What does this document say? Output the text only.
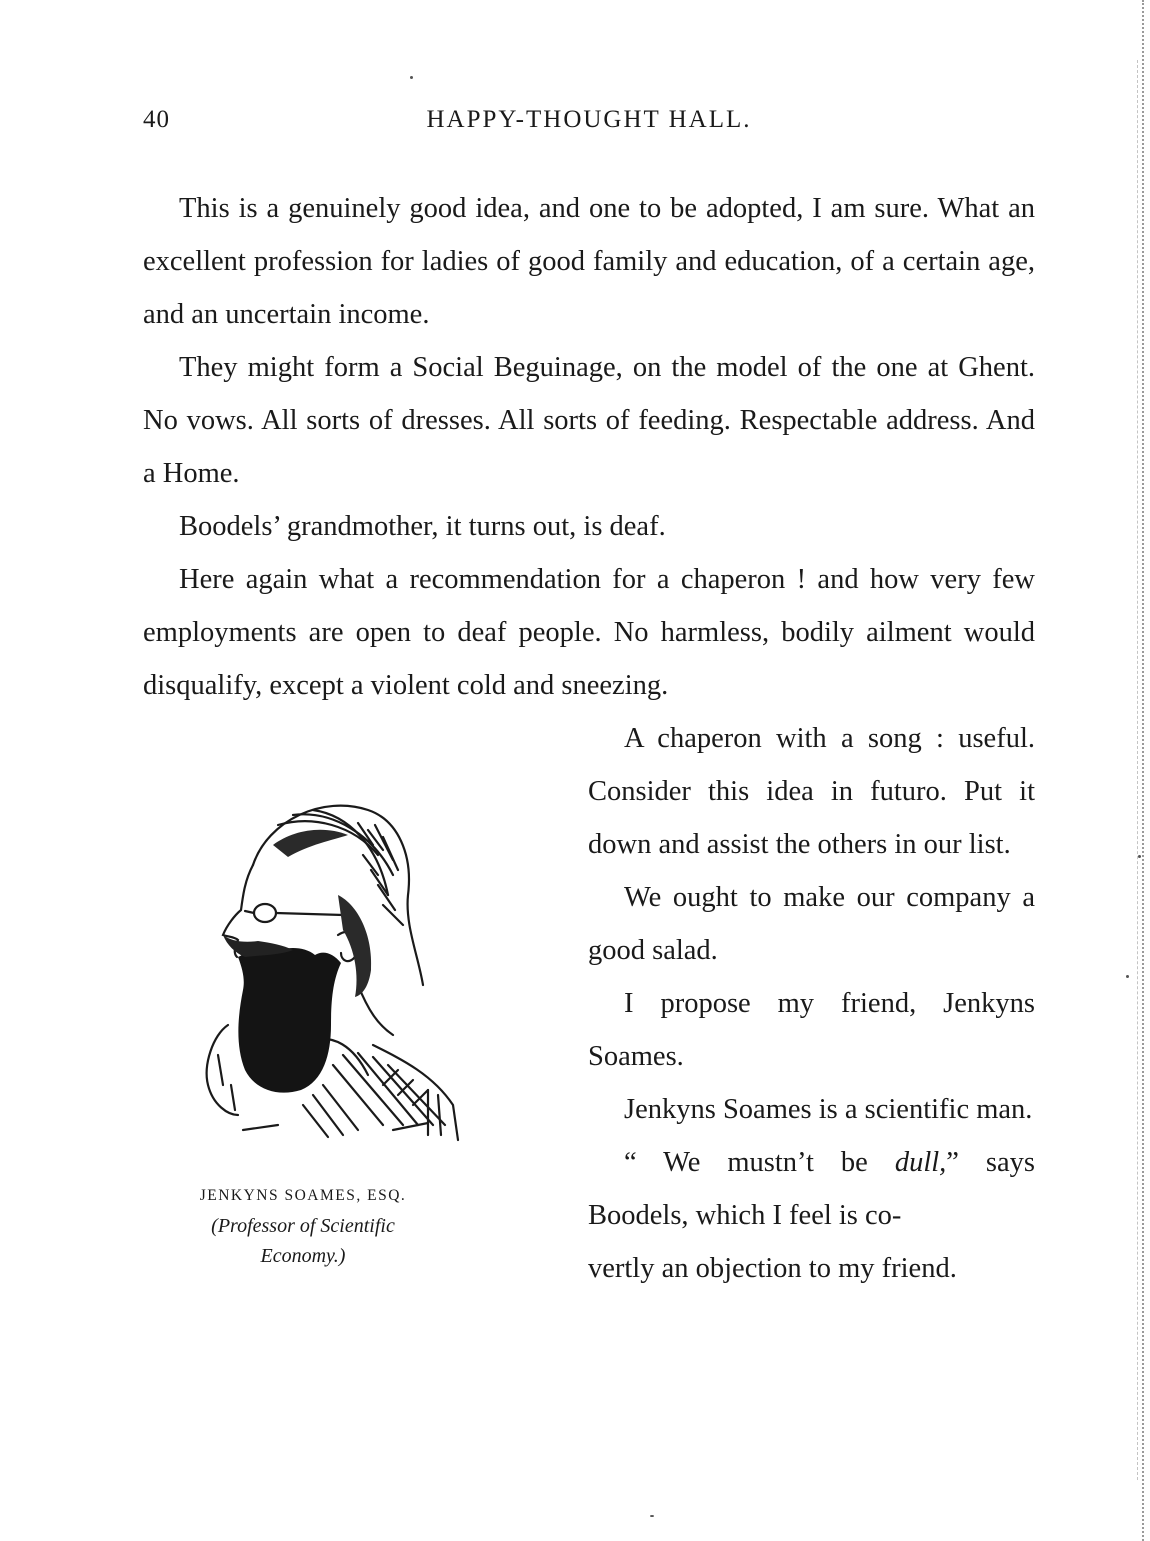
40	HAPPY-THOUGHT HALL.

This is a genuinely good idea, and one to be adopted, I am sure. What an excellent profession for ladies of good family and education, of a certain age, and an uncertain income.

They might form a Social Beguinage, on the model of the one at Ghent. No vows. All sorts of dresses. All sorts of feeding. Respectable address. And a Home.

Boodels’ grandmother, it turns out, is deaf.

Here again what a recommendation for a chaperon ! and how very few employments are open to deaf people. No harmless, bodily ailment would disqualify, except a violent cold and sneezing.

JENKYNS SOAMES, ESQ.
(Professor of Scientific
Economy.)

A chaperon with a song : useful. Consider this idea in futuro. Put it down and assist the others in our list.

We ought to make our company a good salad.

I propose my friend, Jenkyns Soames.

Jenkyns Soames is a scientific man.

“ We mustn’t be dull,” says Boodels, which I feel is co-

vertly an objection to my friend.
